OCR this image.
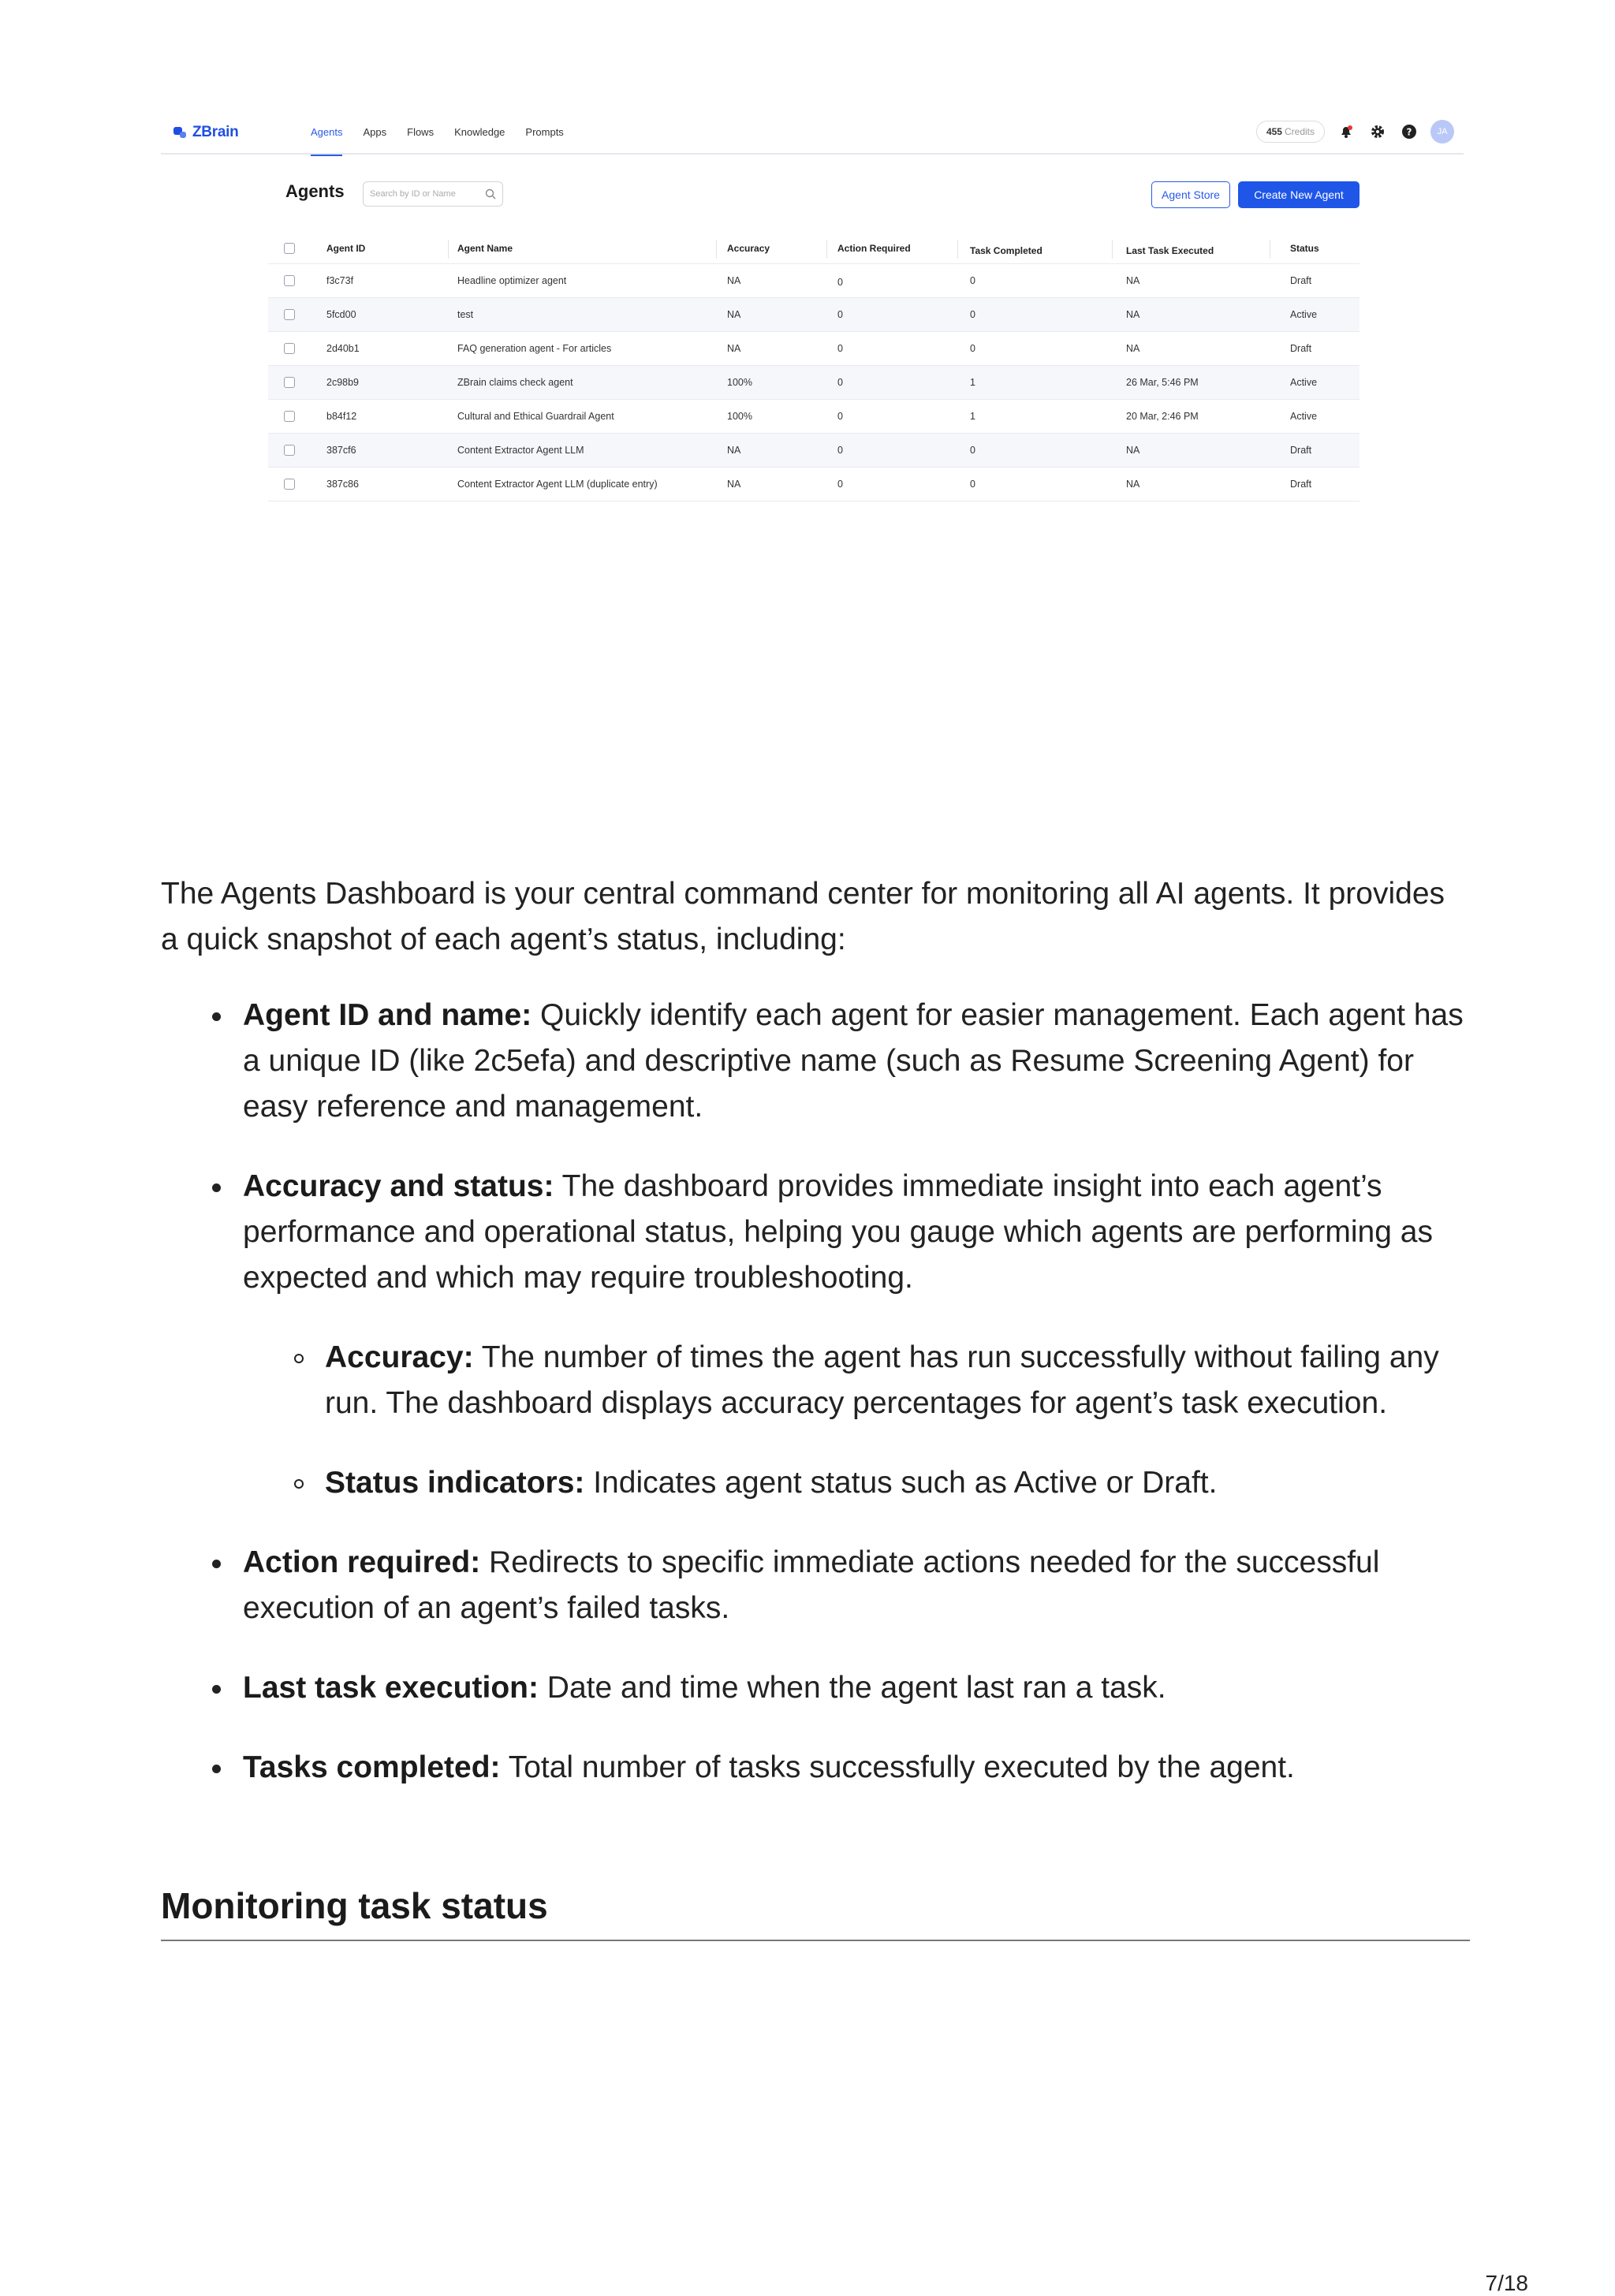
ZBrain	Agents Apps Flows Knowledge Prompts	455 Credits	?	JA
Agents	Search by ID or Name	Agent Store	Create New Agent
Agent ID	Agent Name	Accuracy	Action Required	Task Completed	Last Task Executed	Status
f3c73f	Headline optimizer agent	NA	0	0	NA	Draft
5fcd00	test	NA	0	0	NA	Active
2d40b1	FAQ generation agent - For articles	NA	0	0	NA	Draft
2c98b9	ZBrain claims check agent	100%	0	1	26 Mar, 5:46 PM	Active
b84f12	Cultural and Ethical Guardrail Agent	100%	0	1	20 Mar, 2:46 PM	Active
387cf6	Content Extractor Agent LLM	NA	0	0	NA	Draft
387c86	Content Extractor Agent LLM (duplicate entry)	NA	0	0	NA	Draft

The Agents Dashboard is your central command center for monitoring all AI agents. It provides a quick snapshot of each agent’s status, including:

Agent ID and name: Quickly identify each agent for easier management. Each agent has a unique ID (like 2c5efa) and descriptive name (such as Resume Screening Agent) for easy reference and management.
Accuracy and status: The dashboard provides immediate insight into each agent’s performance and operational status, helping you gauge which agents are performing as expected and which may require troubleshooting.
Accuracy: The number of times the agent has run successfully without failing any run. The dashboard displays accuracy percentages for agent’s task execution.
Status indicators: Indicates agent status such as Active or Draft.
Action required: Redirects to specific immediate actions needed for the successful execution of an agent’s failed tasks.
Last task execution: Date and time when the agent last ran a task.
Tasks completed: Total number of tasks successfully executed by the agent.
Monitoring task status
7/18
